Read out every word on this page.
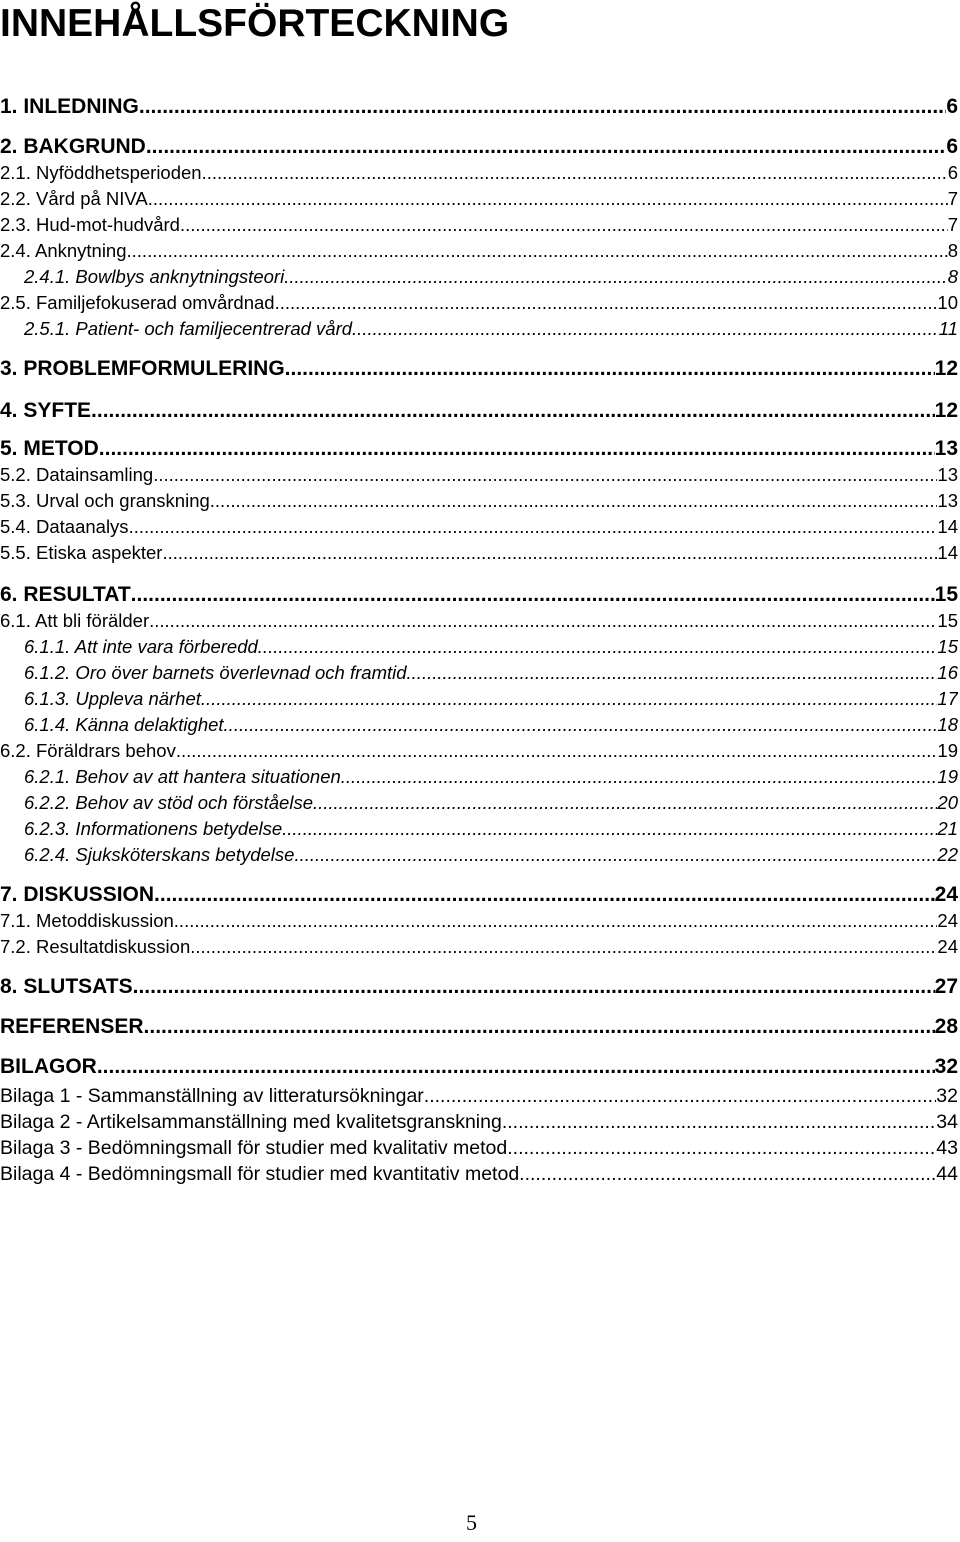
INNEHÅLLSFÖRTECKNING
1. INLEDNING .....	6
2. BAKGRUND .....	6
2.1. Nyföddhetsperioden .....	6
2.2. Vård på NIVA .....	7
2.3. Hud-mot-hudvård .....	7
2.4. Anknytning .....	8
2.4.1. Bowlbys anknytningsteori .....	8
2.5. Familjefokuserad omvårdnad .....	10
2.5.1. Patient- och familjecentrerad vård .....	11
3. PROBLEMFORMULERING .....	12
4. SYFTE .....	12
5. METOD .....	13
5.2. Datainsamling .....	13
5.3. Urval och granskning .....	13
5.4. Dataanalys .....	14
5.5. Etiska aspekter .....	14
6. RESULTAT .....	15
6.1. Att bli förälder .....	15
6.1.1. Att inte vara förberedd .....	15
6.1.2. Oro över barnets överlevnad och framtid .....	16
6.1.3. Uppleva närhet .....	17
6.1.4. Känna delaktighet .....	18
6.2. Föräldrars behov .....	19
6.2.1. Behov av att hantera situationen .....	19
6.2.2. Behov av stöd och förståelse .....	20
6.2.3. Informationens betydelse .....	21
6.2.4. Sjuksköterskans betydelse .....	22
7. DISKUSSION .....	24
7.1. Metoddiskussion .....	24
7.2. Resultatdiskussion .....	24
8. SLUTSATS .....	27
REFERENSER .....	28
BILAGOR .....	32
Bilaga 1 - Sammanställning av litteratursökningar .....	32
Bilaga 2 - Artikelsammanställning med kvalitetsgranskning .....	34
Bilaga 3 - Bedömningsmall för studier med kvalitativ metod .....	43
Bilaga 4 - Bedömningsmall för studier med kvantitativ metod .....	44
5
